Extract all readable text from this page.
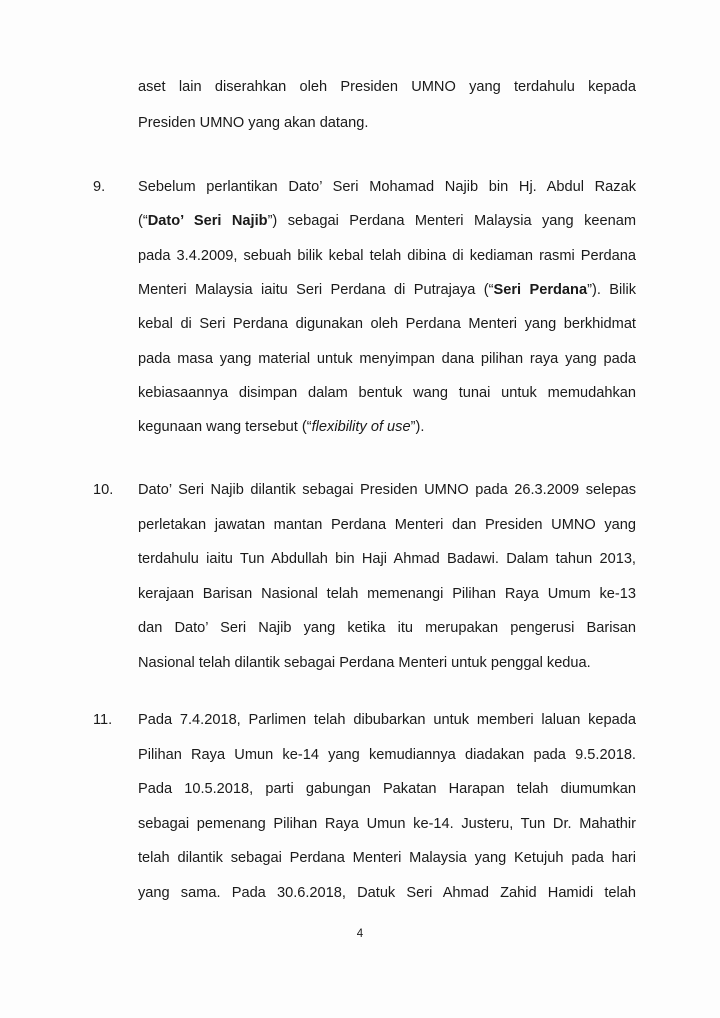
aset lain diserahkan oleh Presiden UMNO yang terdahulu kepada
Presiden UMNO yang akan datang.
9. Sebelum perlantikan Dato’ Seri Mohamad Najib bin Hj. Abdul Razak
(“Dato’ Seri Najib”) sebagai Perdana Menteri Malaysia yang keenam
pada 3.4.2009, sebuah bilik kebal telah dibina di kediaman rasmi Perdana
Menteri Malaysia iaitu Seri Perdana di Putrajaya (“Seri Perdana”). Bilik
kebal di Seri Perdana digunakan oleh Perdana Menteri yang berkhidmat
pada masa yang material untuk menyimpan dana pilihan raya yang pada
kebiasaannya disimpan dalam bentuk wang tunai untuk memudahkan
kegunaan wang tersebut (“flexibility of use”).
10. Dato’ Seri Najib dilantik sebagai Presiden UMNO pada 26.3.2009 selepas
perletakan jawatan mantan Perdana Menteri dan Presiden UMNO yang
terdahulu iaitu Tun Abdullah bin Haji Ahmad Badawi. Dalam tahun 2013,
kerajaan Barisan Nasional telah memenangi Pilihan Raya Umum ke-13
dan Dato’ Seri Najib yang ketika itu merupakan pengerusi Barisan
Nasional telah dilantik sebagai Perdana Menteri untuk penggal kedua.
11. Pada 7.4.2018, Parlimen telah dibubarkan untuk memberi laluan kepada
Pilihan Raya Umun ke-14 yang kemudiannya diadakan pada 9.5.2018.
Pada 10.5.2018, parti gabungan Pakatan Harapan telah diumumkan
sebagai pemenang Pilihan Raya Umun ke-14. Justeru, Tun Dr. Mahathir
telah dilantik sebagai Perdana Menteri Malaysia yang Ketujuh pada hari
yang sama. Pada 30.6.2018, Datuk Seri Ahmad Zahid Hamidi telah
4
